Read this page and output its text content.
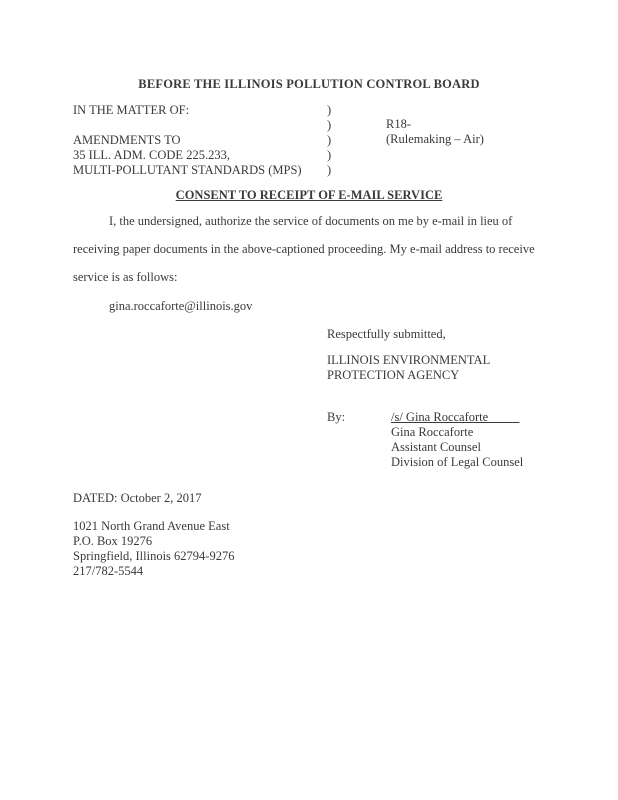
BEFORE THE ILLINOIS POLLUTION CONTROL BOARD
IN THE MATTER OF:

AMENDMENTS TO
35 ILL. ADM. CODE 225.233,
MULTI-POLLUTANT STANDARDS (MPS)
)
)
)
)
)
R18-
(Rulemaking – Air)
CONSENT TO RECEIPT OF E-MAIL SERVICE
I, the undersigned, authorize the service of documents on me by e-mail in lieu of
receiving paper documents in the above-captioned proceeding. My e-mail address to receive
service is as follows:
gina.roccaforte@illinois.gov
Respectfully submitted,
ILLINOIS ENVIRONMENTAL
PROTECTION AGENCY
By:	/s/ Gina Roccaforte
Gina Roccaforte
Assistant Counsel
Division of Legal Counsel
DATED: October 2, 2017
1021 North Grand Avenue East
P.O. Box 19276
Springfield, Illinois 62794-9276
217/782-5544
